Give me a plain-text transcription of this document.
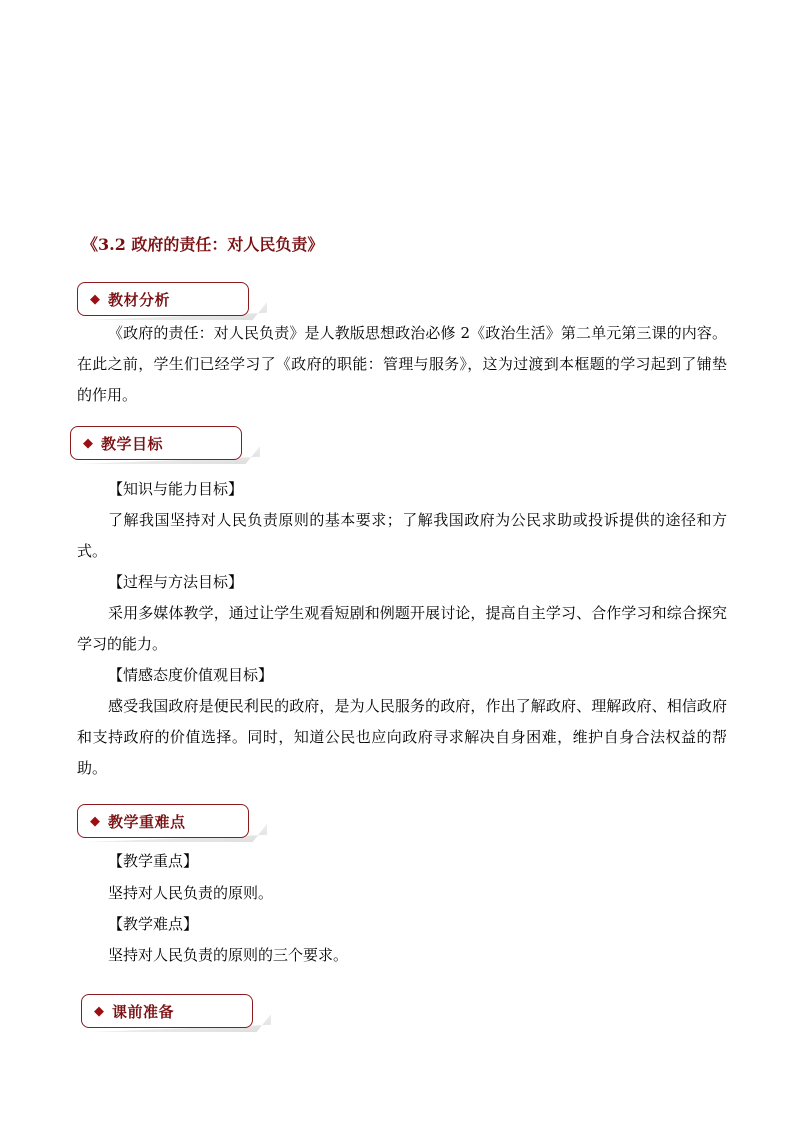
《3.2 政府的责任：对人民负责》
◆ 教材分析
《政府的责任：对人民负责》是人教版思想政治必修 2《政治生活》第二单元第三课的内容。在此之前，学生们已经学习了《政府的职能：管理与服务》，这为过渡到本框题的学习起到了铺垫的作用。
◆ 教学目标
【知识与能力目标】
了解我国坚持对人民负责原则的基本要求；了解我国政府为公民求助或投诉提供的途径和方式。
【过程与方法目标】
采用多媒体教学，通过让学生观看短剧和例题开展讨论，提高自主学习、合作学习和综合探究学习的能力。
【情感态度价值观目标】
感受我国政府是便民利民的政府，是为人民服务的政府，作出了解政府、理解政府、相信政府和支持政府的价值选择。同时，知道公民也应向政府寻求解决自身困难，维护自身合法权益的帮助。
◆ 教学重难点
【教学重点】
坚持对人民负责的原则。
【教学难点】
坚持对人民负责的原则的三个要求。
◆ 课前准备
